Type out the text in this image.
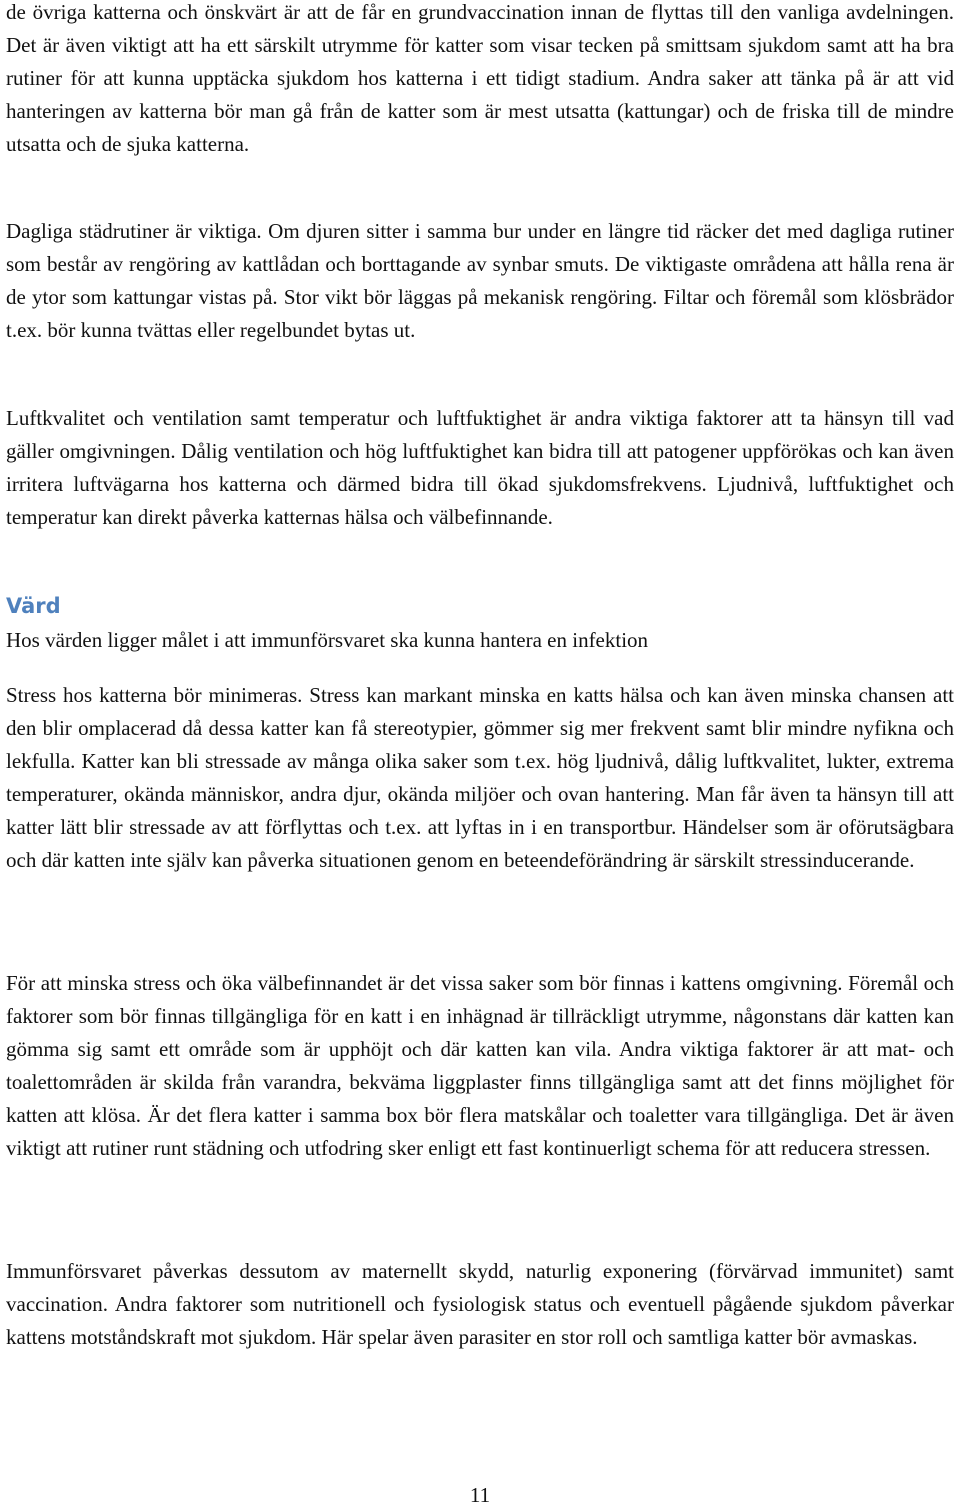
de övriga katterna och önskvärt är att de får en grundvaccination innan de flyttas till den vanliga avdelningen. Det är även viktigt att ha ett särskilt utrymme för katter som visar tecken på smittsam sjukdom samt att ha bra rutiner för att kunna upptäcka sjukdom hos katterna i ett tidigt stadium. Andra saker att tänka på är att vid hanteringen av katterna bör man gå från de katter som är mest utsatta (kattungar) och de friska till de mindre utsatta och de sjuka katterna.

Dagliga städrutiner är viktiga. Om djuren sitter i samma bur under en längre tid räcker det med dagliga rutiner som består av rengöring av kattlådan och borttagande av synbar smuts. De viktigaste områdena att hålla rena är de ytor som kattungar vistas på. Stor vikt bör läggas på mekanisk rengöring. Filtar och föremål som klösbrädor t.ex. bör kunna tvättas eller regelbundet bytas ut.

Luftkvalitet och ventilation samt temperatur och luftfuktighet är andra viktiga faktorer att ta hänsyn till vad gäller omgivningen. Dålig ventilation och hög luftfuktighet kan bidra till att patogener uppförökas och kan även irritera luftvägarna hos katterna och därmed bidra till ökad sjukdomsfrekvens. Ljudnivå, luftfuktighet och temperatur kan direkt påverka katternas hälsa och välbefinnande.

Värd

Hos värden ligger målet i att immunförsvaret ska kunna hantera en infektion

Stress hos katterna bör minimeras. Stress kan markant minska en katts hälsa och kan även minska chansen att den blir omplacerad då dessa katter kan få stereotypier, gömmer sig mer frekvent samt blir mindre nyfikna och lekfulla. Katter kan bli stressade av många olika saker som t.ex. hög ljudnivå, dålig luftkvalitet, lukter, extrema temperaturer, okända människor, andra djur, okända miljöer och ovan hantering. Man får även ta hänsyn till att katter lätt blir stressade av att förflyttas och t.ex. att lyftas in i en transportbur. Händelser som är oförutsägbara och där katten inte själv kan påverka situationen genom en beteendeförändring är särskilt stressinducerande.

För att minska stress och öka välbefinnandet är det vissa saker som bör finnas i kattens omgivning. Föremål och faktorer som bör finnas tillgängliga för en katt i en inhägnad är tillräckligt utrymme, någonstans där katten kan gömma sig samt ett område som är upphöjt och där katten kan vila. Andra viktiga faktorer är att mat- och toalettområden är skilda från varandra, bekväma liggplaster finns tillgängliga samt att det finns möjlighet för katten att klösa. Är det flera katter i samma box bör flera matskålar och toaletter vara tillgängliga. Det är även viktigt att rutiner runt städning och utfodring sker enligt ett fast kontinuerligt schema för att reducera stressen.

Immunförsvaret påverkas dessutom av maternellt skydd, naturlig exponering (förvärvad immunitet) samt vaccination. Andra faktorer som nutritionell och fysiologisk status och eventuell pågående sjukdom påverkar kattens motståndskraft mot sjukdom. Här spelar även parasiter en stor roll och samtliga katter bör avmaskas.

11
